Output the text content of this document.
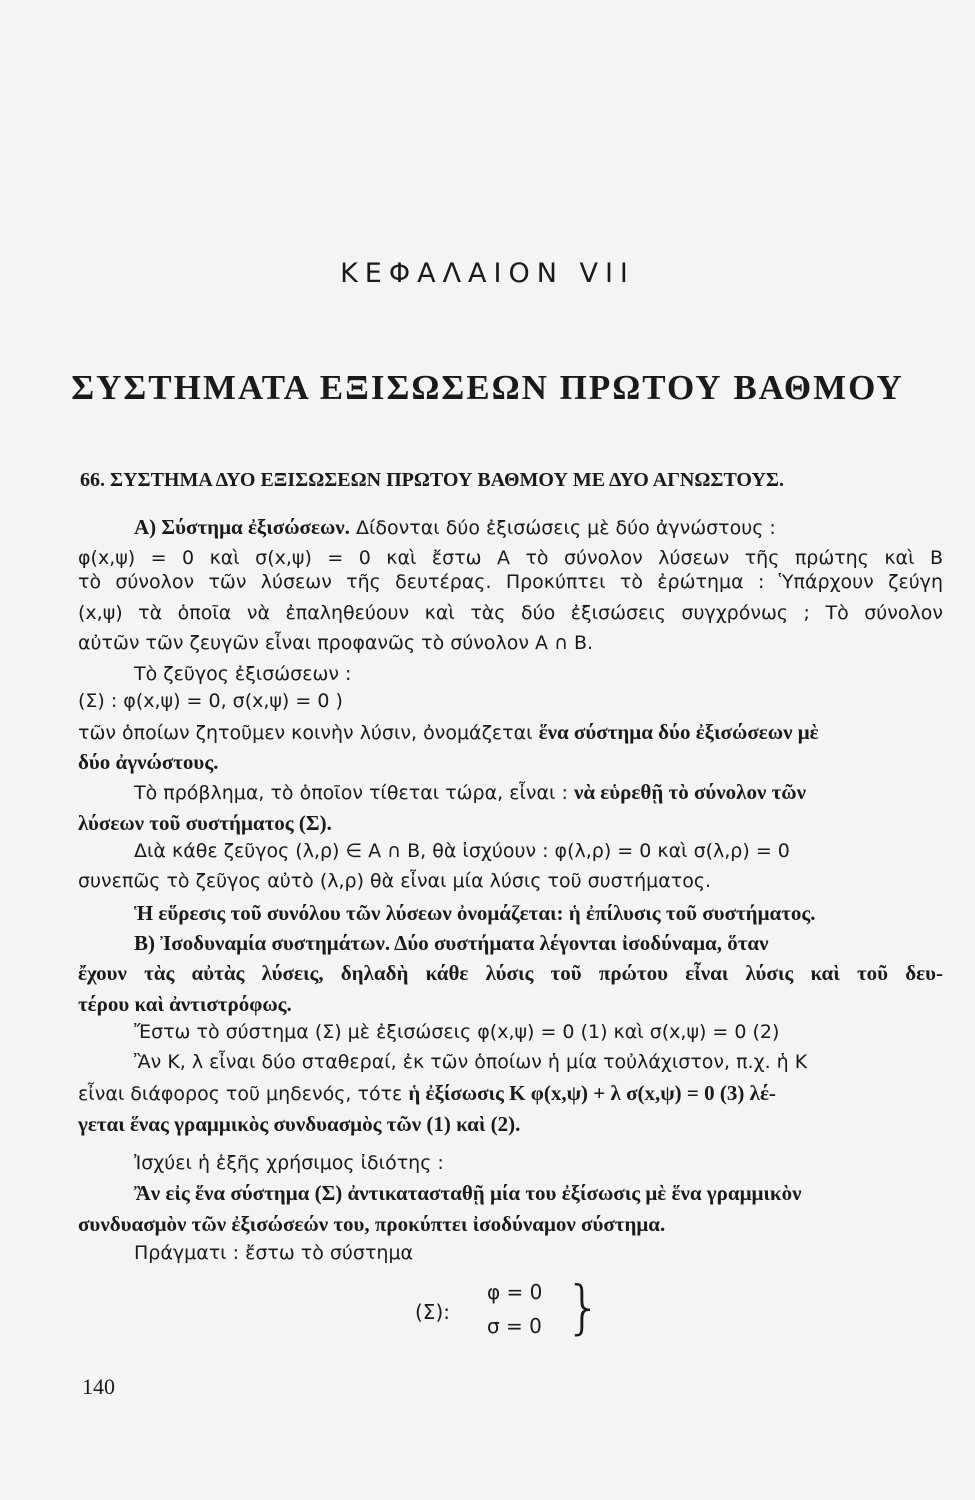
ΚΕΦΑΛΑΙΟΝ VII
ΣΥΣΤΗΜΑΤΑ ΕΞΙΣΩΣΕΩΝ ΠΡΩΤΟΥ ΒΑΘΜΟΥ
66. ΣΥΣΤΗΜΑ ΔΥΟ ΕΞΙΣΩΣΕΩΝ ΠΡΩΤΟΥ ΒΑΘΜΟΥ ΜΕ ΔΥΟ ΑΓΝΩΣΤΟΥΣ.
Α) Σύστημα ἐξισώσεων. Δίδονται δύο ἐξισώσεις μὲ δύο ἀγνώστους :
φ(x,ψ) = 0 καὶ σ(x,ψ) = 0 καὶ ἔστω Α τὸ σύνολον λύσεων τῆς πρώτης καὶ Β
τὸ σύνολον τῶν λύσεων τῆς δευτέρας. Προκύπτει τὸ ἐρώτημα : Ὑπάρχουν ζεύγη
(x,ψ) τὰ ὁποῖα νὰ ἐπαληθεύουν καὶ τὰς δύο ἐξισώσεις συγχρόνως ; Τὸ σύνολον
αὐτῶν τῶν ζευγῶν εἶναι προφανῶς τὸ σύνολον Α ∩ Β.
Τὸ ζεῦγος ἐξισώσεων :
(Σ) : φ(x,ψ) = 0, σ(x,ψ) = 0 )
τῶν ὁποίων ζητοῦμεν κοινὴν λύσιν, ὀνομάζεται ἕνα σύστημα δύο ἐξισώσεων μὲ
δύο ἀγνώστους.
Τὸ πρόβλημα, τὸ ὁποῖον τίθεται τώρα, εἶναι : νὰ εὑρεθῇ τὸ σύνολον τῶν
λύσεων τοῦ συστήματος (Σ).
Διὰ κάθε ζεῦγος (λ,ρ) ∈ Α ∩ Β, θὰ ἰσχύουν : φ(λ,ρ) = 0 καὶ σ(λ,ρ) = 0
συνεπῶς τὸ ζεῦγος αὐτὸ (λ,ρ) θὰ εἶναι μία λύσις τοῦ συστήματος.
Ἡ εὕρεσις τοῦ συνόλου τῶν λύσεων ὀνομάζεται: ἡ ἐπίλυσις τοῦ συστήματος.
Β) Ἰσοδυναμία συστημάτων. Δύο συστήματα λέγονται ἰσοδύναμα, ὅταν
ἔχουν τὰς αὐτὰς λύσεις, δηλαδὴ κάθε λύσις τοῦ πρώτου εἶναι λύσις καὶ τοῦ δευ-
τέρου καὶ ἀντιστρόφως.
Ἔστω τὸ σύστημα (Σ) μὲ ἐξισώσεις φ(x,ψ) = 0 (1) καὶ σ(x,ψ) = 0 (2)
Ἂν Κ, λ εἶναι δύο σταθεραί, ἐκ τῶν ὁποίων ἡ μία τοὐλάχιστον, π.χ. ἡ Κ
εἶναι διάφορος τοῦ μηδενός, τότε ἡ ἐξίσωσις Κ φ(x,ψ) + λ σ(x,ψ) = 0 (3) λέ-
γεται ἕνας γραμμικὸς συνδυασμὸς τῶν (1) καὶ (2).
Ἰσχύει ἡ ἑξῆς χρήσιμος ἰδιότης :
Ἂν εἰς ἕνα σύστημα (Σ) ἀντικατασταθῇ μία του ἐξίσωσις μὲ ἕνα γραμμικὸν
συνδυασμὸν τῶν ἐξισώσεών του, προκύπτει ἰσοδύναμον σύστημα.
Πράγματι : ἔστω τὸ σύστημα
(Σ):
φ = 0
σ = 0 }
140
